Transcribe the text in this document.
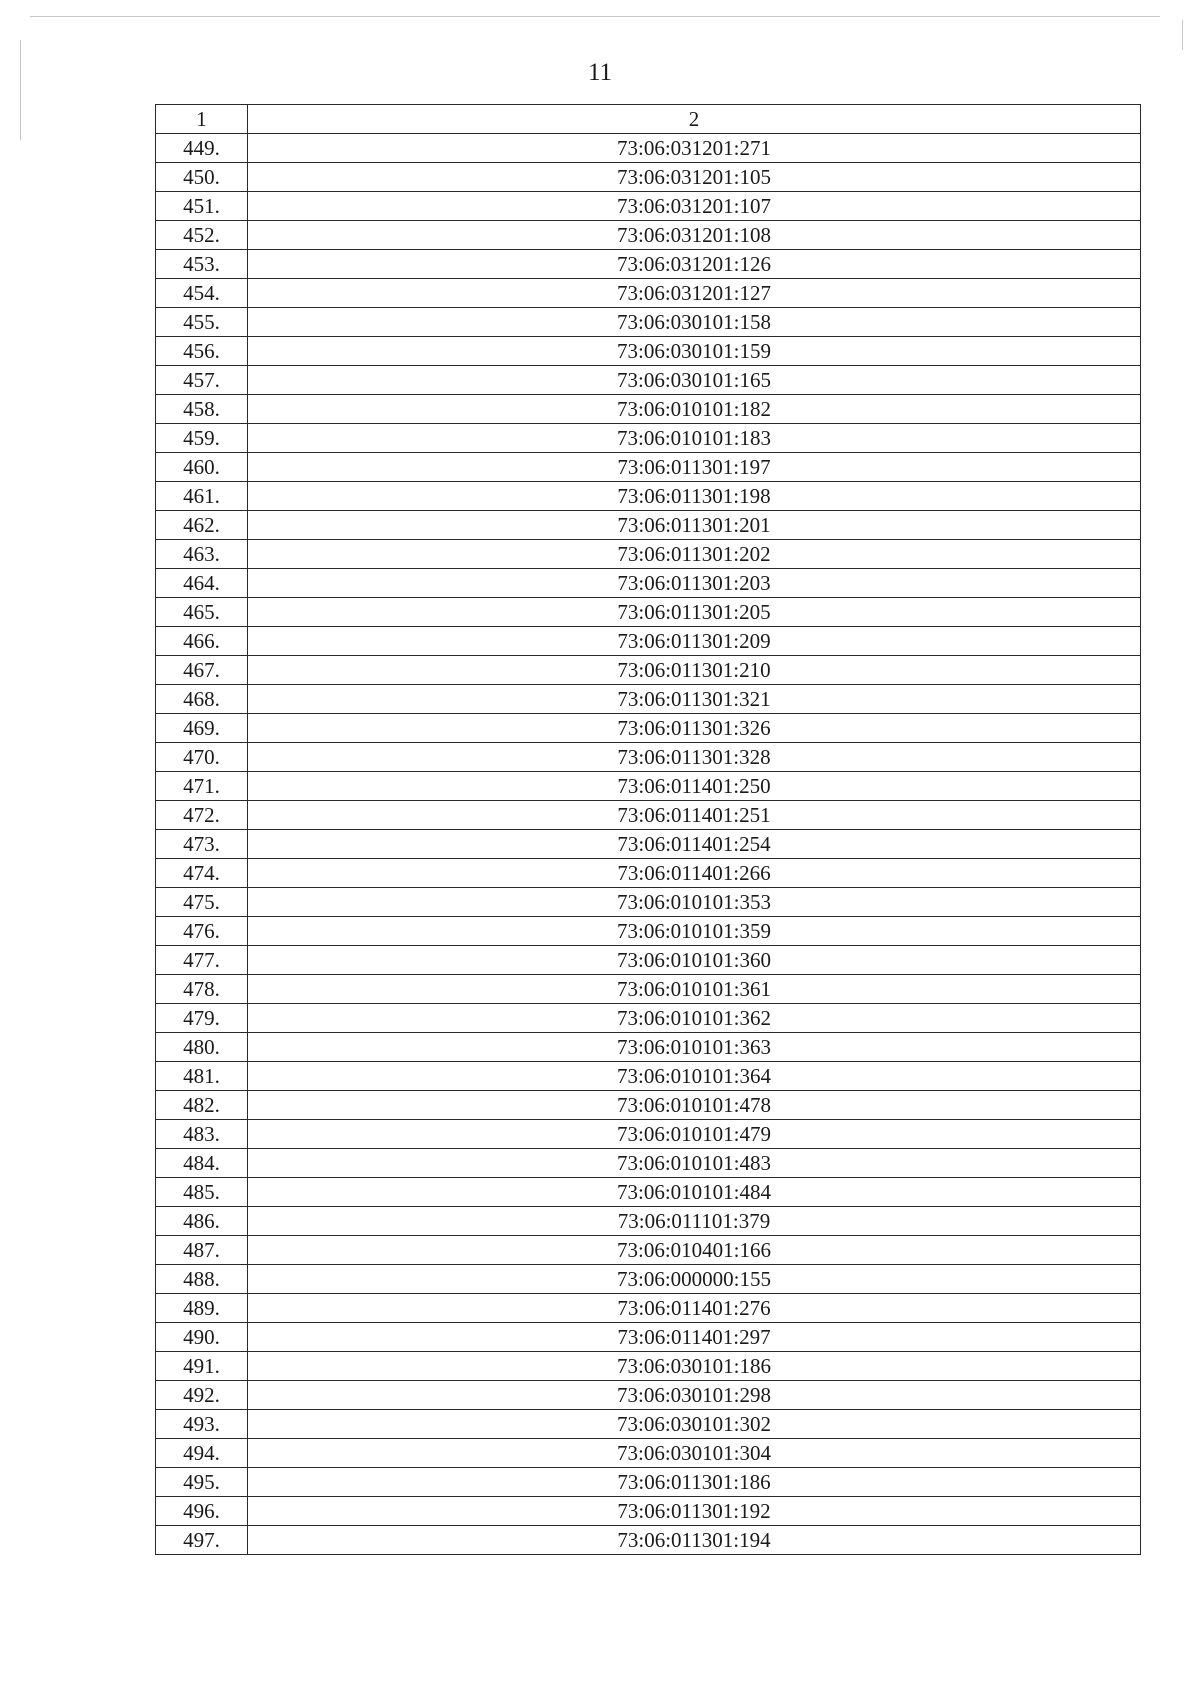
11
1	2
449.	73:06:031201:271
450.	73:06:031201:105
451.	73:06:031201:107
452.	73:06:031201:108
453.	73:06:031201:126
454.	73:06:031201:127
455.	73:06:030101:158
456.	73:06:030101:159
457.	73:06:030101:165
458.	73:06:010101:182
459.	73:06:010101:183
460.	73:06:011301:197
461.	73:06:011301:198
462.	73:06:011301:201
463.	73:06:011301:202
464.	73:06:011301:203
465.	73:06:011301:205
466.	73:06:011301:209
467.	73:06:011301:210
468.	73:06:011301:321
469.	73:06:011301:326
470.	73:06:011301:328
471.	73:06:011401:250
472.	73:06:011401:251
473.	73:06:011401:254
474.	73:06:011401:266
475.	73:06:010101:353
476.	73:06:010101:359
477.	73:06:010101:360
478.	73:06:010101:361
479.	73:06:010101:362
480.	73:06:010101:363
481.	73:06:010101:364
482.	73:06:010101:478
483.	73:06:010101:479
484.	73:06:010101:483
485.	73:06:010101:484
486.	73:06:011101:379
487.	73:06:010401:166
488.	73:06:000000:155
489.	73:06:011401:276
490.	73:06:011401:297
491.	73:06:030101:186
492.	73:06:030101:298
493.	73:06:030101:302
494.	73:06:030101:304
495.	73:06:011301:186
496.	73:06:011301:192
497.	73:06:011301:194
